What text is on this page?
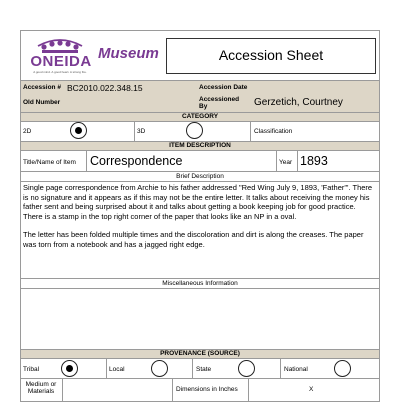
ONEIDA
A good mind. A good heart. A strong fire.
Museum	Accession Sheet
Accession # BC2010.022.348.15	Accession Date
Old Number	Accessioned By	Gerzetich, Courtney
CATEGORY
2D	3D	Classification
ITEM DESCRIPTION
Title/Name of Item Correspondence	Year 1893
Brief Description
Single page correspondence from Archie to his father addressed "Red Wing July 9, 1893, 'Father'". There is no signature and it appears as if this may not be the entire letter. It talks about receiving the money his father sent and being surprised about it and talks about getting a book keeping job for good practice. There is a stamp in the top right corner of the paper that looks like an NP in a oval.
The letter has been folded multiple times and the discoloration and dirt is along the creases. The paper was torn from a notebook and has a jagged right edge.
Miscellaneous Information
PROVENANCE (SOURCE)
Tribal	Local	State	National
Medium or Materials	Dimensions in Inches	X
